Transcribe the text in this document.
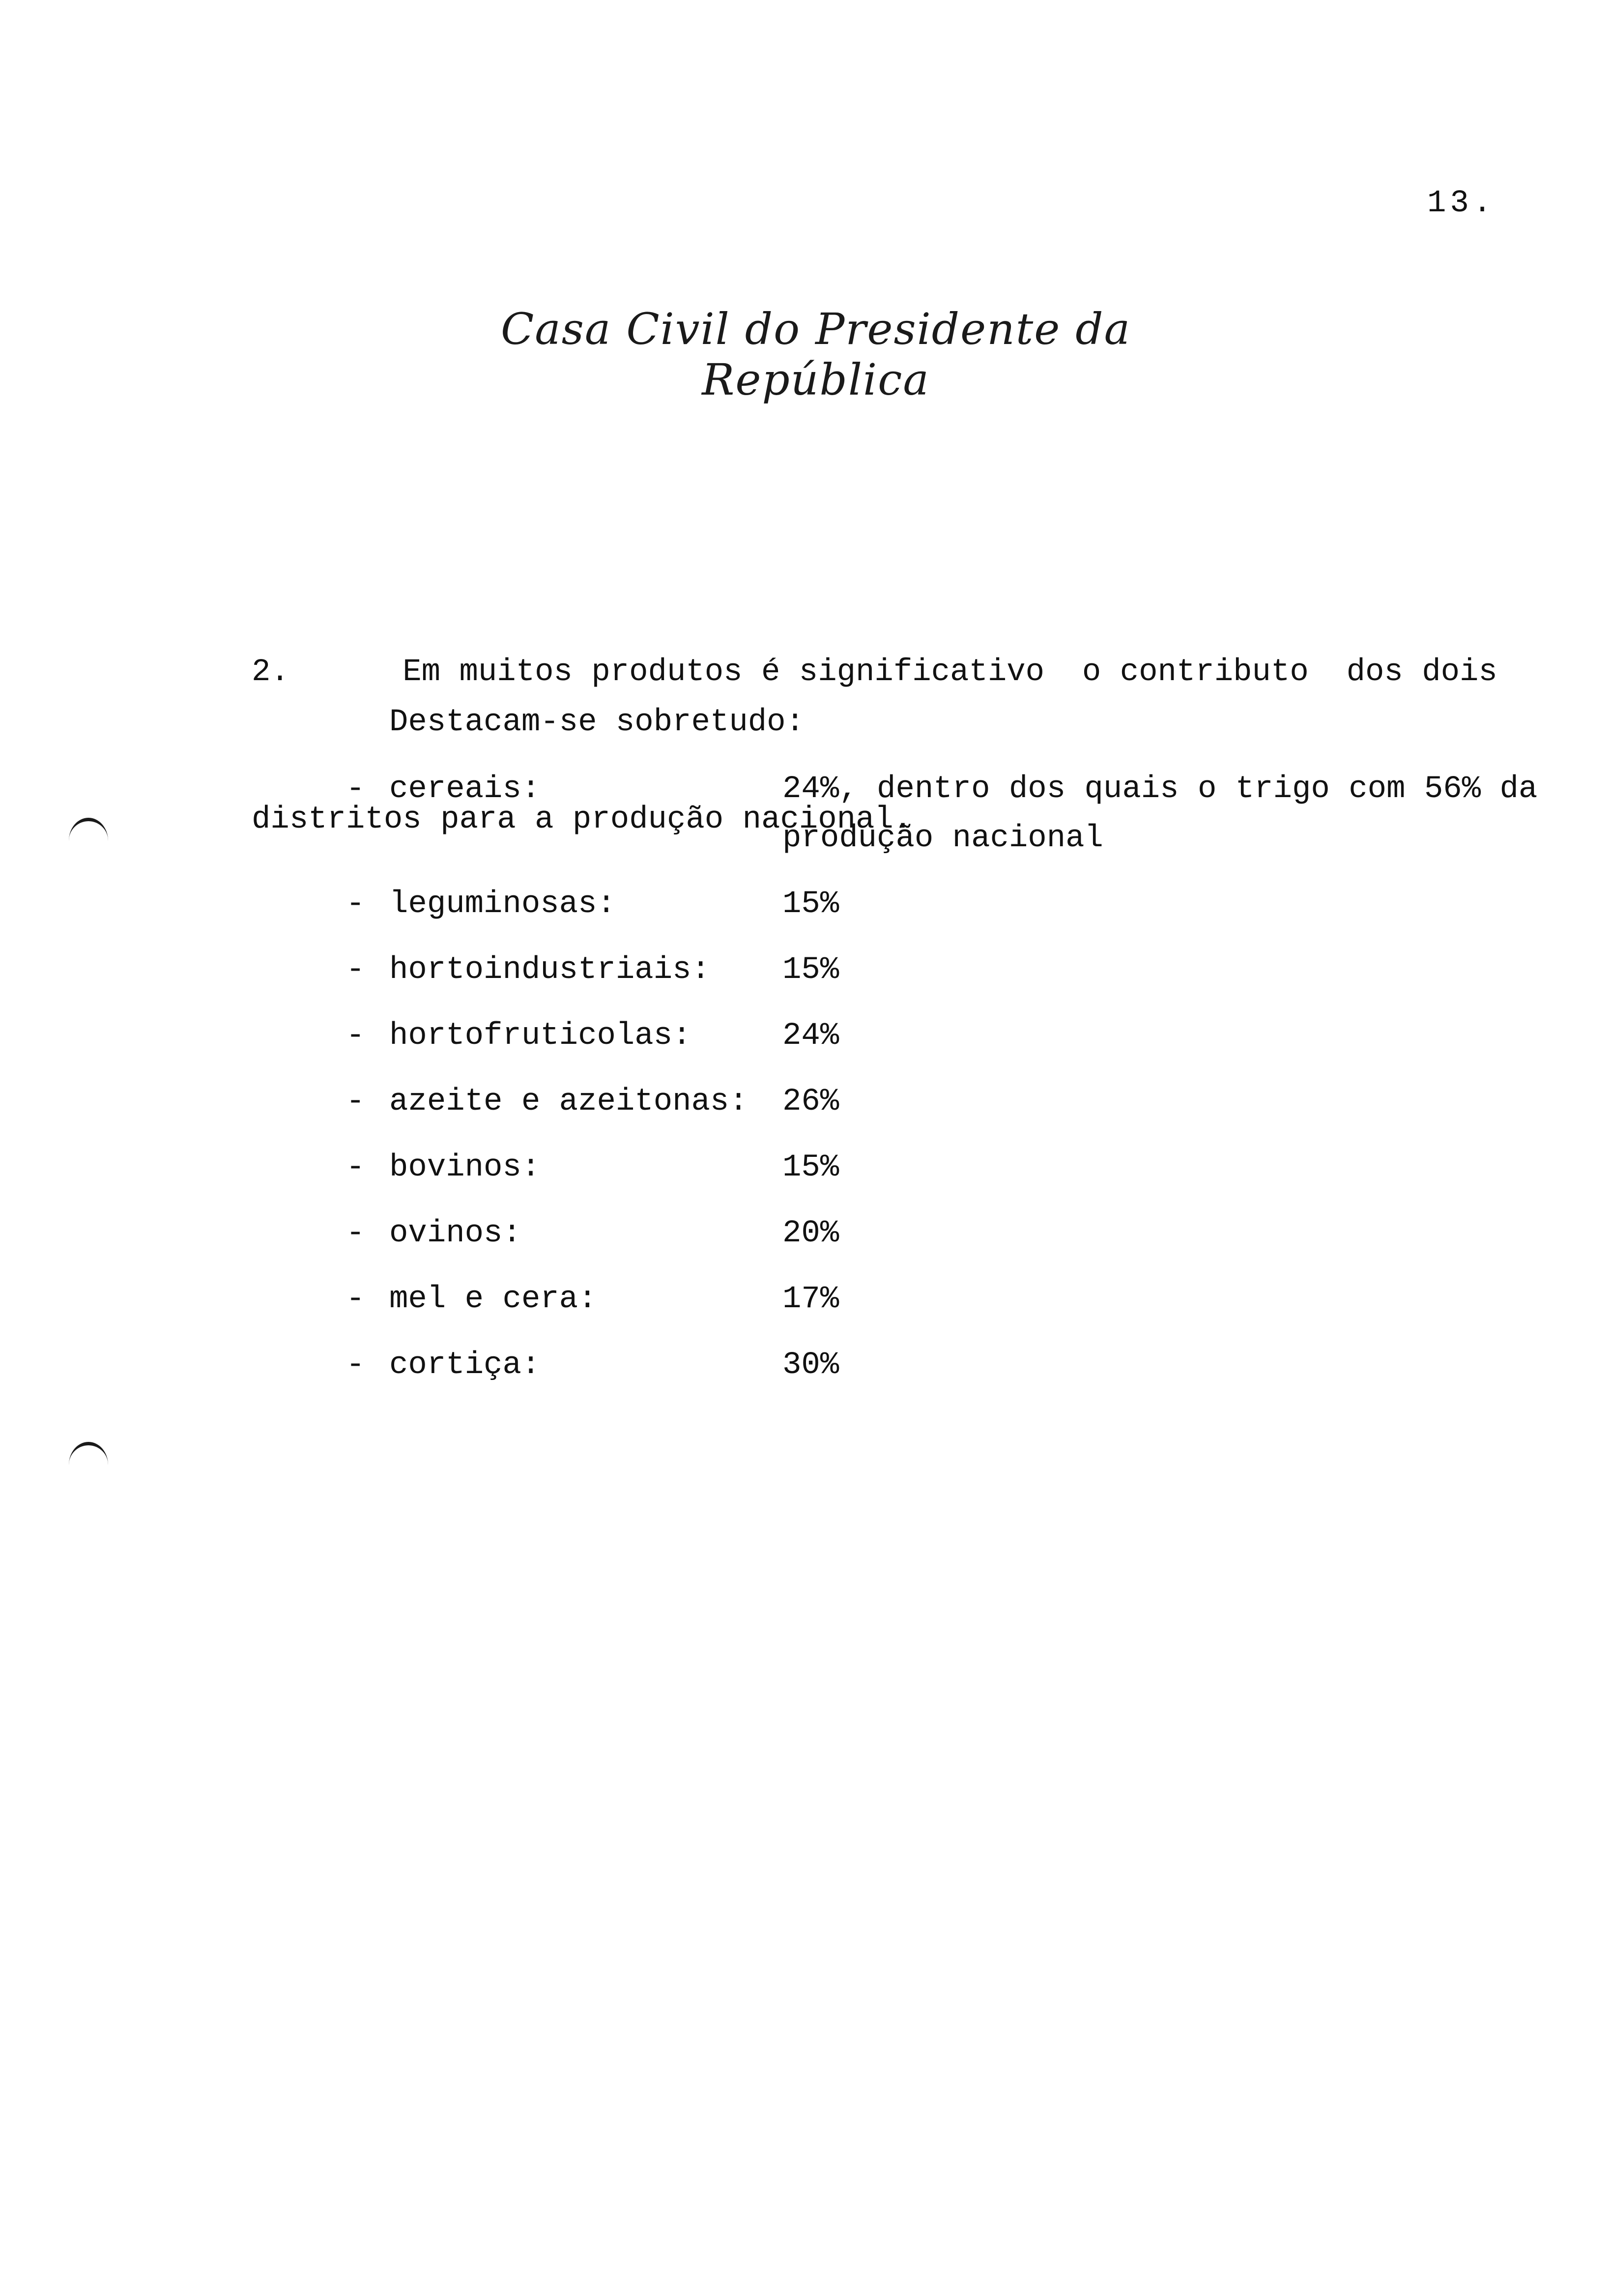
13.
Casa Civil do Presidente da República

2.      Em muitos produtos é significativo  o contributo  dos dois

distritos para a produção nacional.

Destacam-se sobretudo:
- cereais:	24%, dentro dos quais o trigo com 56% da produção nacional
- leguminosas:	15%
- hortoindustriais:	15%
- hortofruticolas:	24%
- azeite e azeitonas:	26%
- bovinos:	15%
- ovinos:	20%
- mel e cera:	17%
- cortiça:	30%
